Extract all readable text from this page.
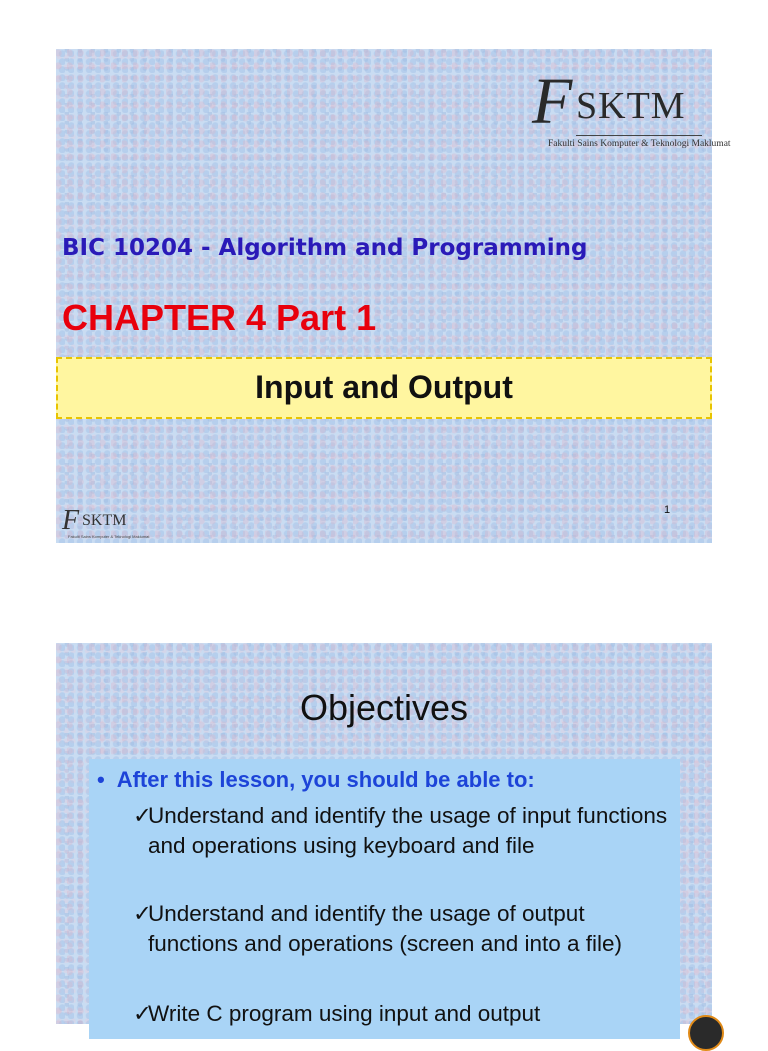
F SKTM
Fakulti Sains Komputer & Teknologi Maklumat
BIC 10204 - Algorithm and Programming
CHAPTER 4 Part 1
Input and Output
1
F SKTM
Fakulti Sains Komputer & Teknologi Maklumat
Objectives
• After this lesson, you should be able to:
✓
Understand and identify the usage of input functions and operations using keyboard and file
✓
Understand and identify the usage of output functions and operations (screen and into a file)
✓
Write C program using input and output
